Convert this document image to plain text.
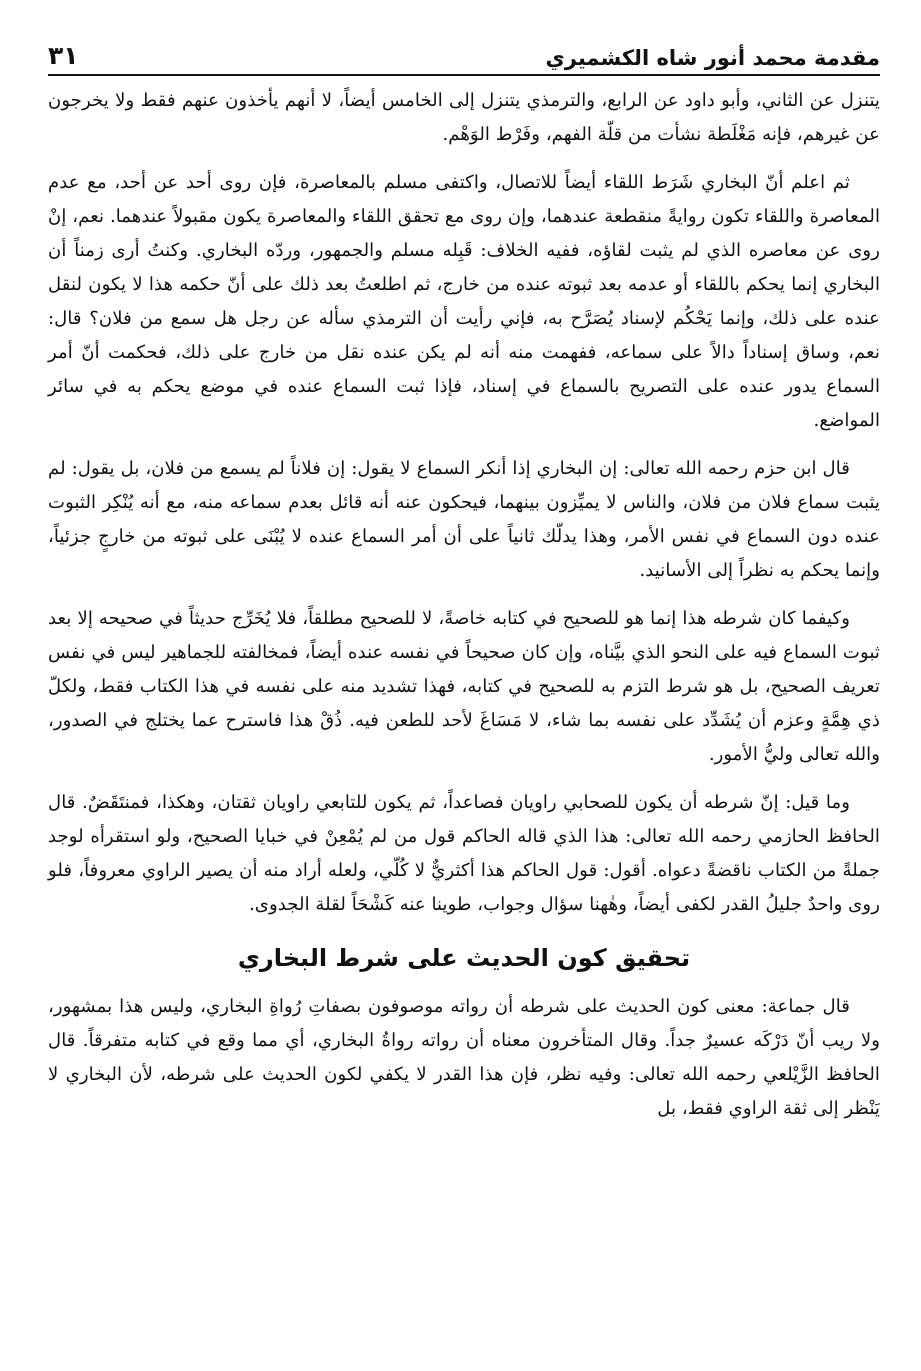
مقدمة محمد أنور شاه الكشميري
٣١

يتنزل عن الثاني، وأبو داود عن الرابع، والترمذي يتنزل إلى الخامس أيضاً، لا أنهم يأخذون عنهم فقط ولا يخرجون عن غيرهم، فإنه مَغْلَطة نشأت من قلّة الفهم، وفَرْط الوَهْم.

ثم اعلم أنّ البخاري شَرَط اللقاء أيضاً للاتصال، واكتفى مسلم بالمعاصرة، فإن روى أحد عن أحد، مع عدم المعاصرة واللقاء تكون روايةً منقطعة عندهما، وإن روى مع تحقق اللقاء والمعاصرة يكون مقبولاً عندهما. نعم، إنْ روى عن معاصره الذي لم يثبت لقاؤه، ففيه الخلاف: قَبِله مسلم والجمهور، وردّه البخاري. وكنتُ أرى زمناً أن البخاري إنما يحكم باللقاء أو عدمه بعد ثبوته عنده من خارج، ثم اطلعتُ بعد ذلك على أنّ حكمه هذا لا يكون لنقل عنده على ذلك، وإنما يَحْكُم لإسناد يُصَرَّح به، فإني رأيت أن الترمذي سأله عن رجل هل سمع من فلان؟ قال: نعم، وساق إسناداً دالاً على سماعه، ففهمت منه أنه لم يكن عنده نقل من خارج على ذلك، فحكمت أنّ أمر السماع يدور عنده على التصريح بالسماع في إسناد، فإذا ثبت السماع عنده في موضع يحكم به في سائر المواضع.

قال ابن حزم رحمه الله تعالى: إن البخاري إذا أنكر السماع لا يقول: إن فلاناً لم يسمع من فلان، بل يقول: لم يثبت سماع فلان من فلان، والناس لا يميِّزون بينهما، فيحكون عنه أنه قائل بعدم سماعه منه، مع أنه يُنْكِر الثبوت عنده دون السماع في نفس الأمر، وهذا يدلّك ثانياً على أن أمر السماع عنده لا يُبْنَى على ثبوته من خارجٍ جزئياً، وإنما يحكم به نظراً إلى الأسانيد.

وكيفما كان شرطه هذا إنما هو للصحيح في كتابه خاصةً، لا للصحيح مطلقاً، فلا يُخَرِّج حديثاً في صحيحه إلا بعد ثبوت السماع فيه على النحو الذي بيَّناه، وإن كان صحيحاً في نفسه عنده أيضاً، فمخالفته للجماهير ليس في نفس تعريف الصحيح، بل هو شرط التزم به للصحيح في كتابه، فهذا تشديد منه على نفسه في هذا الكتاب فقط، ولكلّ ذي هِمَّةٍ وعزم أن يُشَدِّد على نفسه بما شاء، لا مَسَاغَ لأحد للطعن فيه. ذُقْ هذا فاسترح عما يختلج في الصدور، والله تعالى وليُّ الأمور.

وما قيل: إنّ شرطه أن يكون للصحابي راويان فصاعداً، ثم يكون للتابعي راويان ثقتان، وهكذا، فمنتَقَضٌ. قال الحافظ الحازمي رحمه الله تعالى: هذا الذي قاله الحاكم قول من لم يُمْعِنْ في خبايا الصحيح، ولو استقرأه لوجد جملةً من الكتاب ناقضةً دعواه. أقول: قول الحاكم هذا أكثريٌّ لا كُلّي، ولعله أراد منه أن يصير الراوي معروفاً، فلو روى واحدٌ جليلُ القدر لكفى أيضاً، وهٰهنا سؤال وجواب، طوينا عنه كَشْحَاً لقلة الجدوى.

تحقيق كون الحديث على شرط البخاري

قال جماعة: معنى كون الحديث على شرطه أن رواته موصوفون بصفاتِ رُواةِ البخاري، وليس هذا بمشهور، ولا ريب أنّ دَرْكَه عسيرٌ جداً. وقال المتأخرون معناه أن رواته رواةُ البخاري، أي مما وقع في كتابه متفرقاً. قال الحافظ الزَّيْلعي رحمه الله تعالى: وفيه نظر، فإن هذا القدر لا يكفي لكون الحديث على شرطه، لأن البخاري لا يَنْظر إلى ثقة الراوي فقط، بل
